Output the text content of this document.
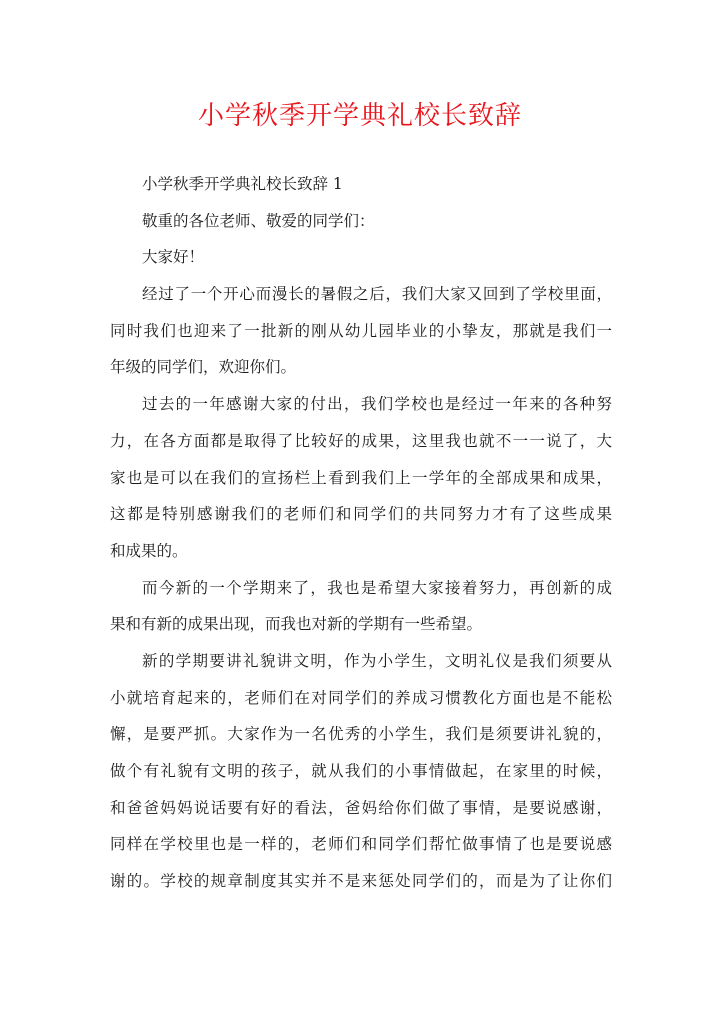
小学秋季开学典礼校长致辞
小学秋季开学典礼校长致辞 1
敬重的各位老师、敬爱的同学们：
大家好！
经过了一个开心而漫长的暑假之后，我们大家又回到了学校里面，
同时我们也迎来了一批新的刚从幼儿园毕业的小挚友，那就是我们一
年级的同学们，欢迎你们。
过去的一年感谢大家的付出，我们学校也是经过一年来的各种努
力，在各方面都是取得了比较好的成果，这里我也就不一一说了，大
家也是可以在我们的宣扬栏上看到我们上一学年的全部成果和成果，
这都是特别感谢我们的老师们和同学们的共同努力才有了这些成果
和成果的。
而今新的一个学期来了，我也是希望大家接着努力，再创新的成
果和有新的成果出现，而我也对新的学期有一些希望。
新的学期要讲礼貌讲文明，作为小学生，文明礼仪是我们须要从
小就培育起来的，老师们在对同学们的养成习惯教化方面也是不能松
懈，是要严抓。大家作为一名优秀的小学生，我们是须要讲礼貌的，
做个有礼貌有文明的孩子，就从我们的小事情做起，在家里的时候，
和爸爸妈妈说话要有好的看法，爸妈给你们做了事情，是要说感谢，
同样在学校里也是一样的，老师们和同学们帮忙做事情了也是要说感
谢的。学校的规章制度其实并不是来惩处同学们的，而是为了让你们
